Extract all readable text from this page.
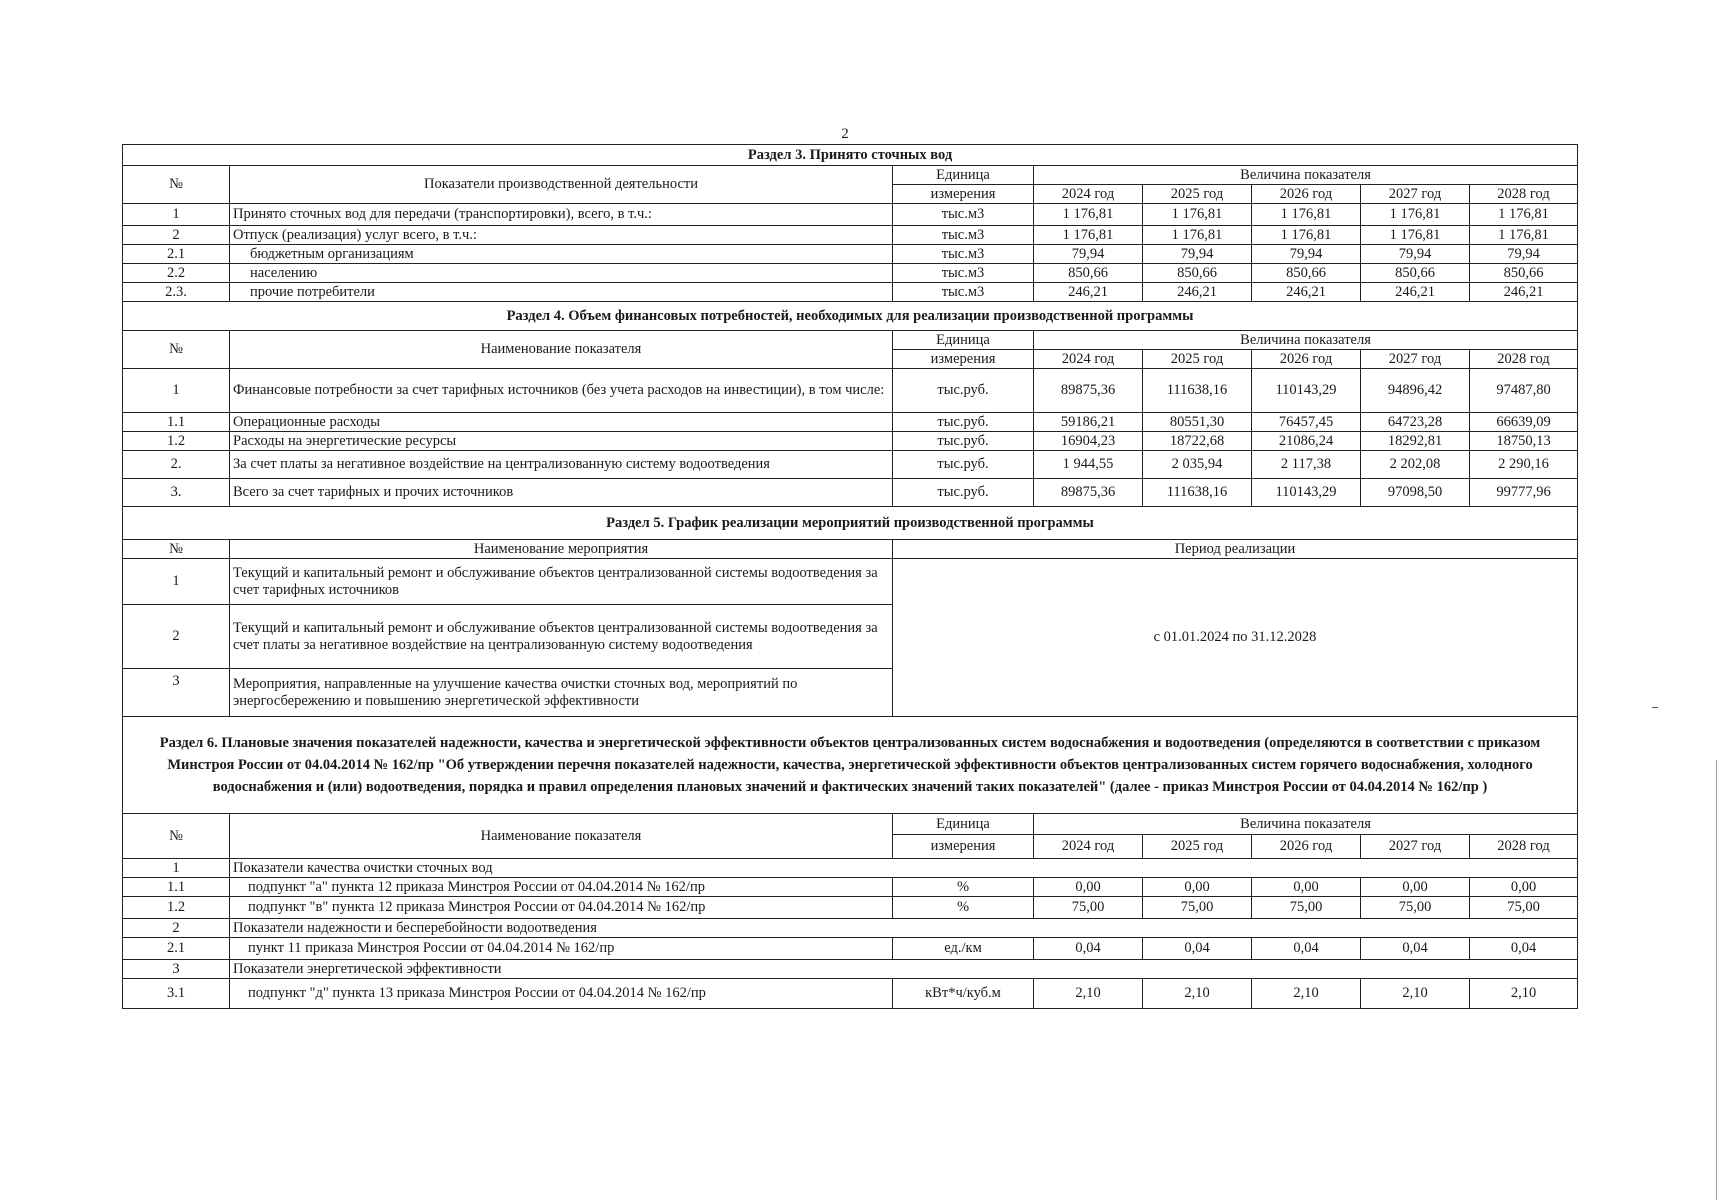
2
Раздел 3. Принято сточных вод							
№	Показатели производственной деятельности	Единица	Величина показателя				
		измерения	2024 год	2025 год	2026 год	2027 год	2028 год
1	Принято сточных вод для передачи (транспортировки), всего, в т.ч.:	тыс.м3	1 176,81	1 176,81	1 176,81	1 176,81	1 176,81
2	Отпуск (реализация) услуг всего, в т.ч.:	тыс.м3	1 176,81	1 176,81	1 176,81	1 176,81	1 176,81
2.1	бюджетным организациям	тыс.м3	79,94	79,94	79,94	79,94	79,94
2.2	населению	тыс.м3	850,66	850,66	850,66	850,66	850,66
2.3.	прочие потребители	тыс.м3	246,21	246,21	246,21	246,21	246,21
Раздел 4. Объем финансовых потребностей, необходимых для реализации производственной программы							
№	Наименование показателя	Единица	Величина показателя				
		измерения	2024 год	2025 год	2026 год	2027 год	2028 год
1	Финансовые потребности за счет тарифных источников (без учета расходов на инвестиции), в том числе:	тыс.руб.	89875,36	111638,16	110143,29	94896,42	97487,80
1.1	Операционные расходы	тыс.руб.	59186,21	80551,30	76457,45	64723,28	66639,09
1.2	Расходы на энергетические ресурсы	тыс.руб.	16904,23	18722,68	21086,24	18292,81	18750,13
2.	За счет платы за негативное воздействие на централизованную систему водоотведения	тыс.руб.	1 944,55	2 035,94	2 117,38	2 202,08	2 290,16
3.	Всего за счет тарифных и прочих источников	тыс.руб.	89875,36	111638,16	110143,29	97098,50	99777,96
Раздел 5. График реализации мероприятий производственной программы							
№	Наименование мероприятия	Период реализации					
1	Текущий и капитальный ремонт и обслуживание объектов централизованной системы водоотведения за счет тарифных источников	с 01.01.2024 по 31.12.2028					
2	Текущий и капитальный ремонт и обслуживание объектов централизованной системы водоотведения за счет платы за негативное воздействие на централизованную систему водоотведения						
3	Мероприятия, направленные на улучшение качества очистки сточных вод, мероприятий по энергосбережению и повышению энергетической эффективности						
Раздел 6. Плановые значения показателей надежности, качества и энергетической эффективности объектов централизованных систем водоснабжения и водоотведения (определяются в соответствии с приказом Минстроя России от 04.04.2014 № 162/пр "Об утверждении перечня показателей надежности, качества, энергетической эффективности объектов централизованных систем горячего водоснабжения, холодного водоснабжения и (или) водоотведения, порядка и правил определения плановых значений и фактических значений таких показателей" (далее - приказ Минстроя России от 04.04.2014 № 162/пр )							
№	Наименование показателя	Единица	Величина показателя				
		измерения	2024 год	2025 год	2026 год	2027 год	2028 год
1	Показатели качества очистки сточных вод						
1.1	подпункт "а" пункта 12 приказа Минстроя России от 04.04.2014 № 162/пр	%	0,00	0,00	0,00	0,00	0,00
1.2	подпункт "в" пункта 12 приказа Минстроя России от 04.04.2014 № 162/пр	%	75,00	75,00	75,00	75,00	75,00
2	Показатели надежности и бесперебойности водоотведения						
2.1	пункт 11 приказа Минстроя России от 04.04.2014 № 162/пр	ед./км	0,04	0,04	0,04	0,04	0,04
3	Показатели энергетической эффективности						
3.1	подпункт "д" пункта 13 приказа Минстроя России от 04.04.2014 № 162/пр	кВт*ч/куб.м	2,10	2,10	2,10	2,10	2,10
